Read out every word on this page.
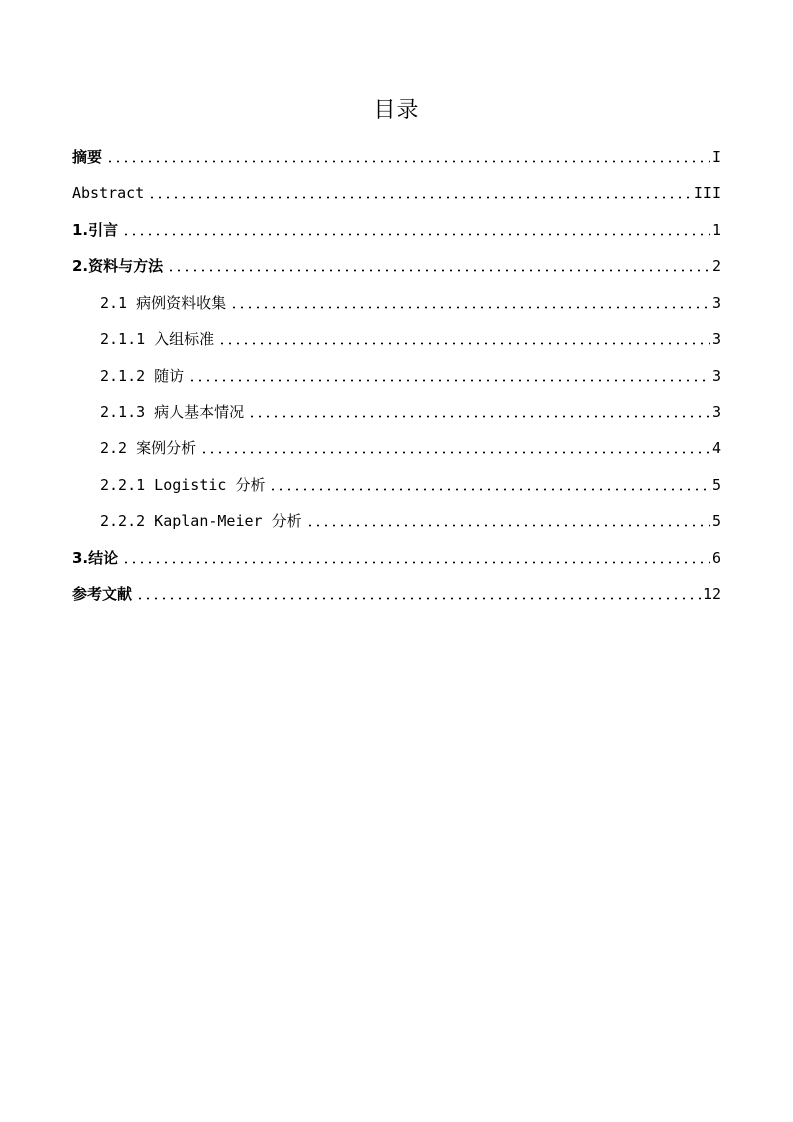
目录
摘要	I
Abstract	III
1.引言	1
2.资料与方法	2
2.1 病例资料收集	3
2.1.1 入组标准	3
2.1.2 随访	3
2.1.3 病人基本情况	3
2.2 案例分析	4
2.2.1 Logistic 分析	5
2.2.2 Kaplan-Meier 分析	5
3.结论	6
参考文献	12
